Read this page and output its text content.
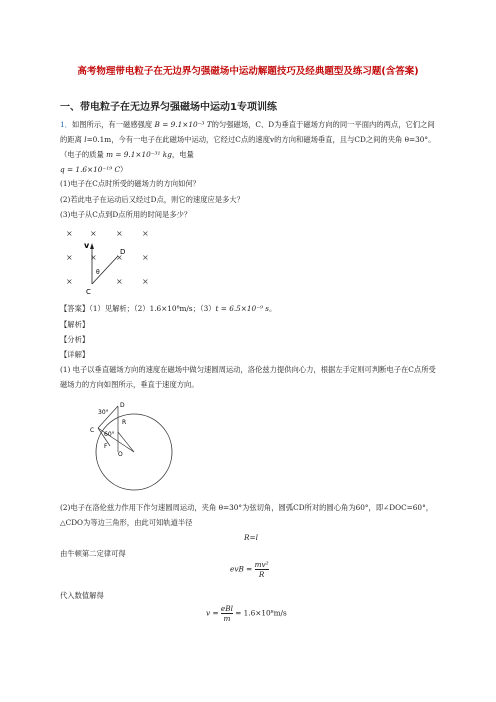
高考物理带电粒子在无边界匀强磁场中运动解题技巧及经典题型及练习题(含答案)
一、带电粒子在无边界匀强磁场中运动1专项训练
1．如图所示，有一磁感强度 B = 9.1×10⁻³ T的匀强磁场，C、D为垂直于磁场方向的同一平面内的两点，它们之间的距离 l=0.1m，今有一电子在此磁场中运动，它经过C点的速度v的方向和磁场垂直，且与CD之间的夹角 θ=30°。（电子的质量 m = 9.1×10⁻³¹ kg，电量
q = 1.6×10⁻¹⁹ C）
(1)电子在C点时所受的磁场力的方向如何？
(2)若此电子在运动后又经过D点，则它的速度应是多大？
(3)电子从C点到D点所用的时间是多少？
× × × ×
× × × ×
×	× ×
v
D
θ
C
【答案】（1）见解析；（2）1.6×10⁸m/s；（3）t = 6.5×10⁻⁹ s。
【解析】
【分析】
【详解】
(1) 电子以垂直磁场方向的速度在磁场中做匀速圆周运动，洛伦兹力提供向心力，根据左手定则可判断电子在C点所受磁场力的方向如图所示，垂直于速度方向。
30°
D
C
60°
R
F
O
(2)电子在洛伦兹力作用下作匀速圆周运动，夹角 θ=30°为弦切角，圆弧CD所对的圆心角为60°，即∠DOC=60°，△CDO为等边三角形，由此可知轨道半径
R=l
由牛顿第二定律可得
evB = $\frac{\text{mv²}}{R}$
代入数值解得
$v = \frac{\text{eBl}}{m} = 1.6\times 10^8m/s$
